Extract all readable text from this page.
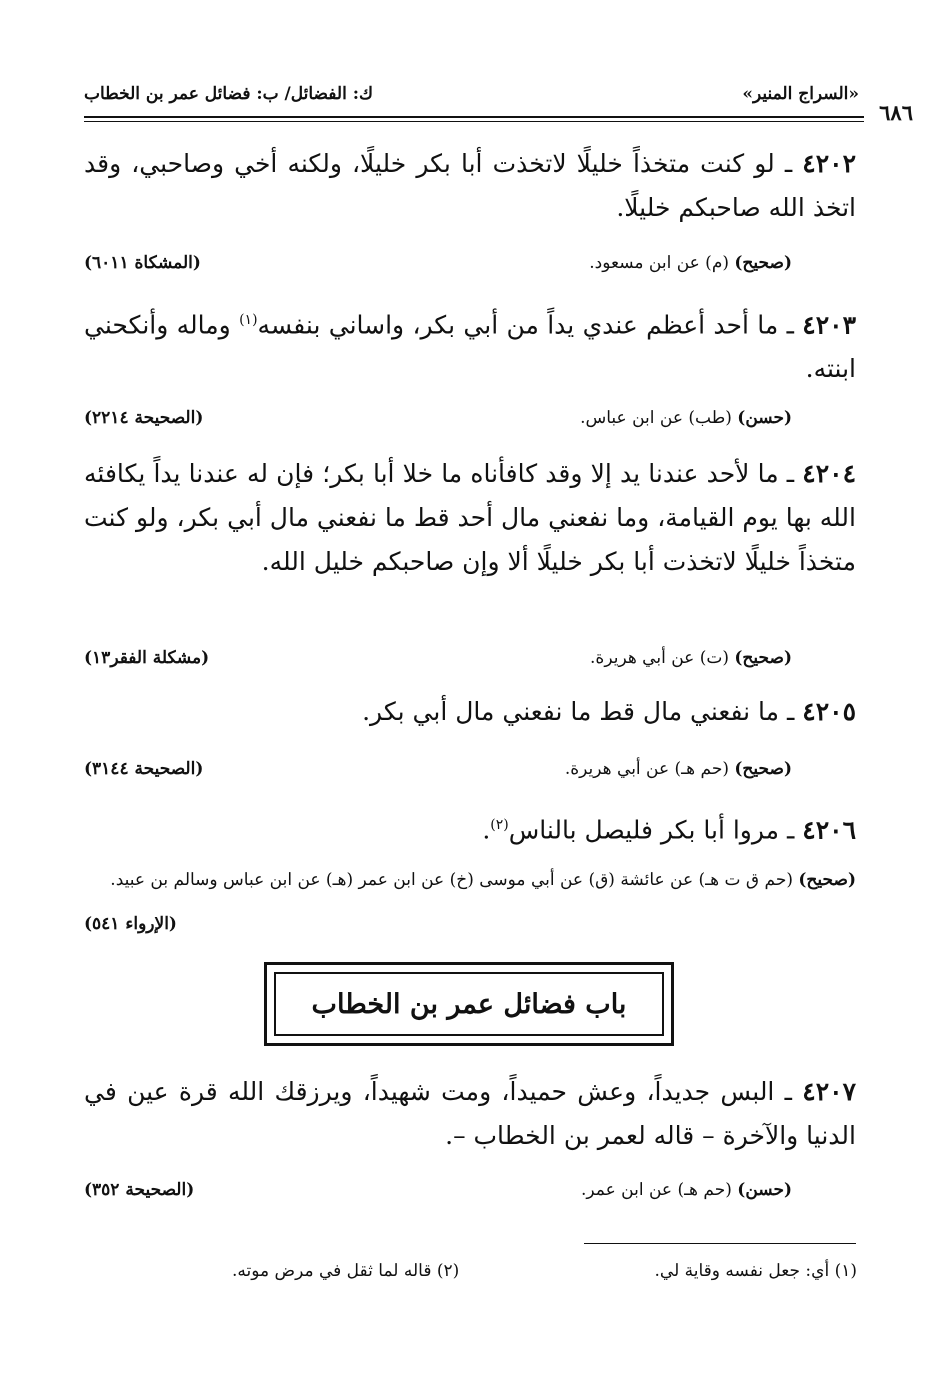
«السراج المنير»
ك: الفضائل/ ب: فضائل عمر بن الخطاب
٦٨٦
٤٢٠٢ ـ لو كنت متخذاً خليلًا لاتخذت أبا بكر خليلًا، ولكنه أخي وصاحبي، وقد اتخذ الله صاحبكم خليلًا.
(صحيح) (م) عن ابن مسعود.
(المشكاة ٦٠١١)
٤٢٠٣ ـ ما أحد أعظم عندي يداً من أبي بكر، واساني بنفسه$^{(١)}$ وماله وأنكحني ابنته.
(حسن) (طب) عن ابن عباس.
(الصحيحة ٢٢١٤)
٤٢٠٤ ـ ما لأحد عندنا يد إلا وقد كافأناه ما خلا أبا بكر؛ فإن له عندنا يداً يكافئه الله بها يوم القيامة، وما نفعني مال أحد قط ما نفعني مال أبي بكر، ولو كنت متخذاً خليلًا لاتخذت أبا بكر خليلًا ألا وإن صاحبكم خليل الله.
(صحيح) (ت) عن أبي هريرة.
(مشكلة الفقر١٣)
٤٢٠٥ ـ ما نفعني مال قط ما نفعني مال أبي بكر.
(صحيح) (حم هـ) عن أبي هريرة.
(الصحيحة ٣١٤٤)
٤٢٠٦ ـ مروا أبا بكر فليصل بالناس$^{(٢)}$.
(صحيح) (حم ق ت هـ) عن عائشة (ق) عن أبي موسى (خ) عن ابن عمر (هـ) عن ابن عباس وسالم بن عبيد.
(الإرواء ٥٤١)
باب فضائل عمر بن الخطاب
٤٢٠٧ ـ البس جديداً، وعش حميداً، ومت شهيداً، ويرزقك الله قرة عين في الدنيا والآخرة – قاله لعمر بن الخطاب –.
(حسن) (حم هـ) عن ابن عمر.
(الصحيحة ٣٥٢)
(١) أي: جعل نفسه وقاية لي.
(٢) قاله لما ثقل في مرض موته.
